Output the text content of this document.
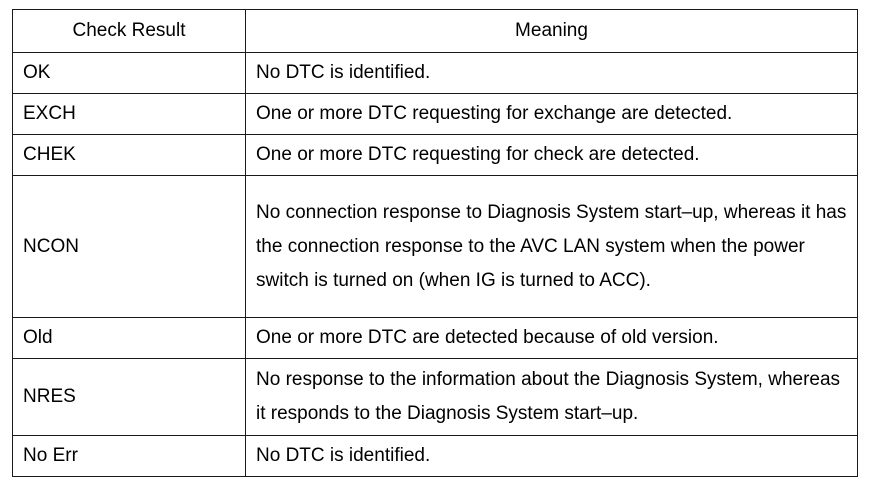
Check Result	Meaning
OK	No DTC is identified.
EXCH	One or more DTC requesting for exchange are detected.
CHEK	One or more DTC requesting for check are detected.
NCON	No connection response to Diagnosis System start–up, whereas it has the connection response to the AVC LAN system when the power switch is turned on (when IG is turned to ACC).
Old	One or more DTC are detected because of old version.
NRES	No response to the information about the Diagnosis System, whereas it responds to the Diagnosis System start–up.
No Err	No DTC is identified.
